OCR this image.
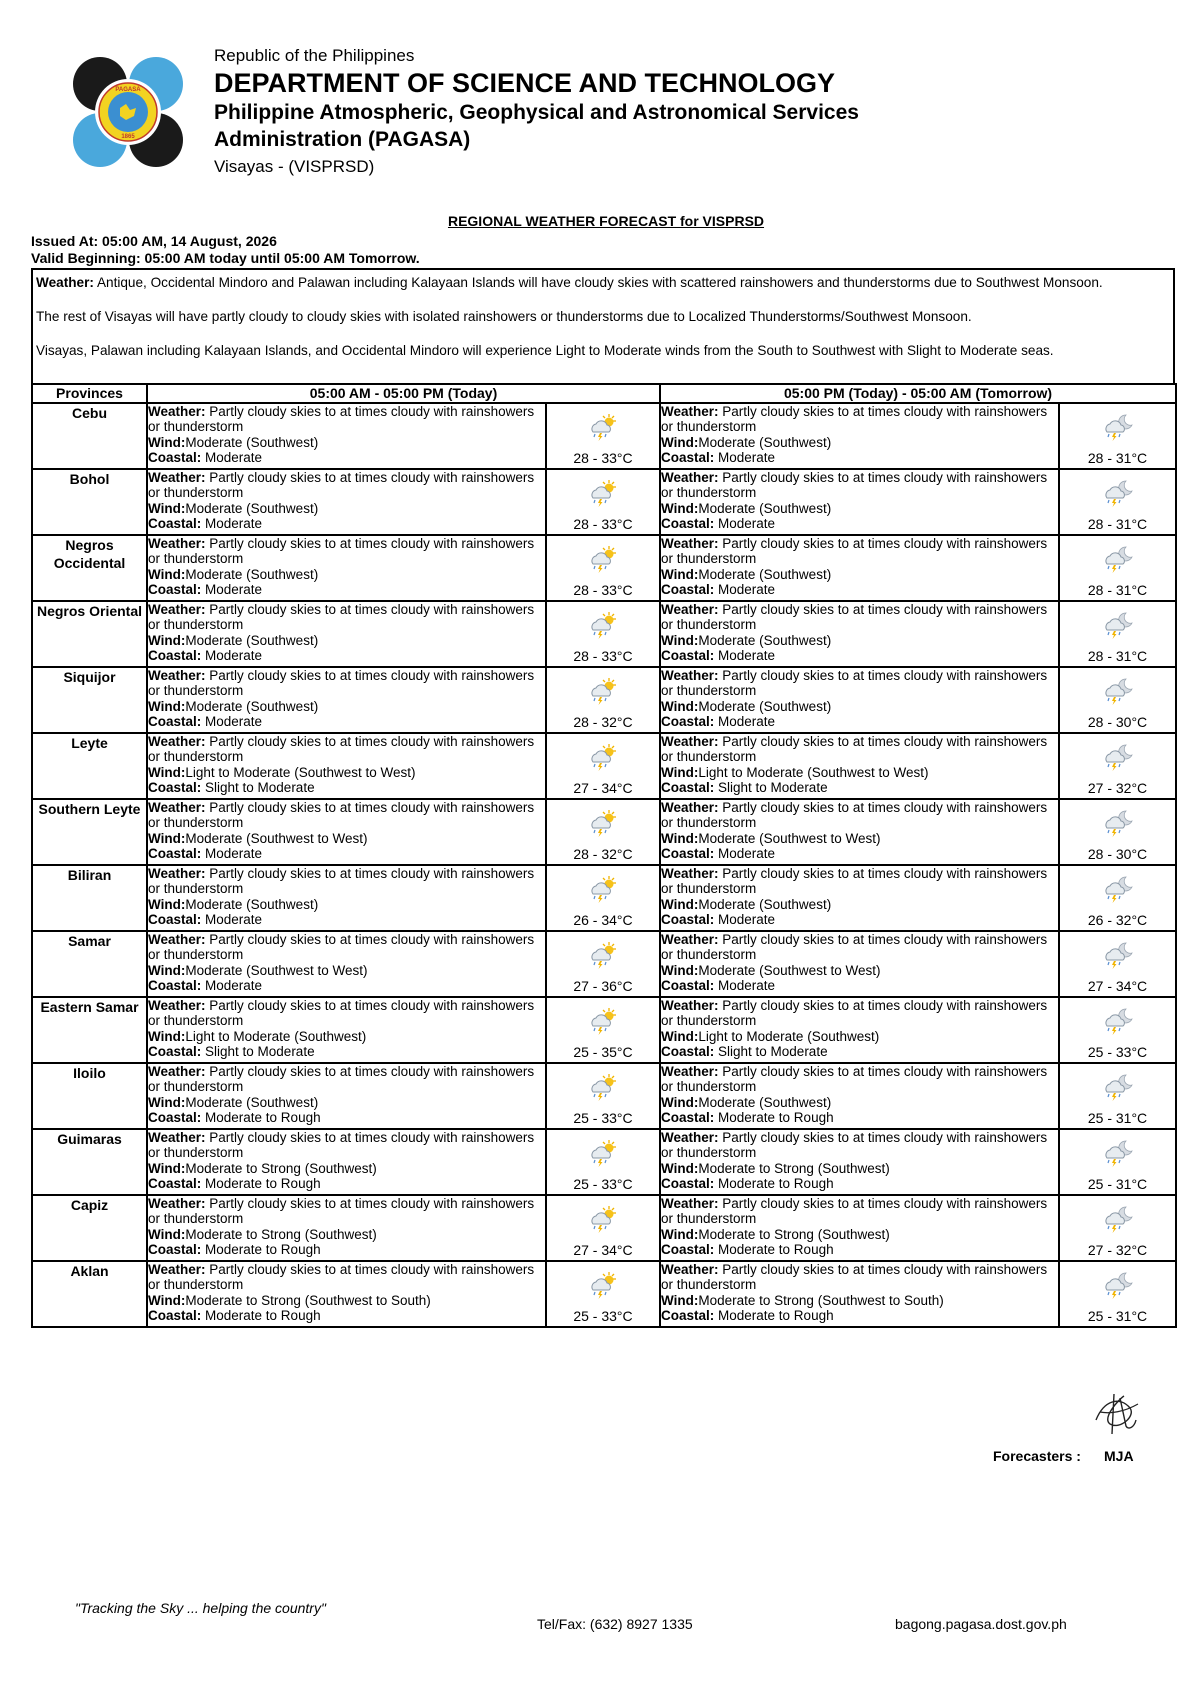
PAGASA
1865
Republic of the Philippines
DEPARTMENT OF SCIENCE AND TECHNOLOGY
Philippine Atmospheric, Geophysical and Astronomical Services
Administration (PAGASA)
Visayas - (VISPRSD)
REGIONAL WEATHER FORECAST for VISPRSD
Issued At: 05:00 AM, 14 August, 2026
Valid Beginning: 05:00 AM today until 05:00 AM Tomorrow.

Weather: Antique, Occidental Mindoro and Palawan including Kalayaan Islands will have cloudy skies with scattered rainshowers and thunderstorms due to Southwest Monsoon.

The rest of Visayas will have partly cloudy to cloudy skies with isolated rainshowers or thunderstorms due to Localized Thunderstorms/Southwest Monsoon.

Visayas, Palawan including Kalayaan Islands, and Occidental Mindoro will experience Light to Moderate winds from the South to Southwest with Slight to Moderate seas.

Provinces	05:00 AM - 05:00 PM (Today)		05:00 PM (Today) - 05:00 AM (Tomorrow)	
Cebu	Weather: Partly cloudy skies to at times cloudy with rainshowers or thunderstorm
Wind:Moderate (Southwest)
Coastal: Moderate	28 - 33°C	Weather: Partly cloudy skies to at times cloudy with rainshowers or thunderstorm
Wind:Moderate (Southwest)
Coastal: Moderate	28 - 31°C

Bohol	Weather: Partly cloudy skies to at times cloudy with rainshowers or thunderstorm
Wind:Moderate (Southwest)
Coastal: Moderate	28 - 33°C	Weather: Partly cloudy skies to at times cloudy with rainshowers or thunderstorm
Wind:Moderate (Southwest)
Coastal: Moderate	28 - 31°C

Negros Occidental	Weather: Partly cloudy skies to at times cloudy with rainshowers or thunderstorm
Wind:Moderate (Southwest)
Coastal: Moderate	28 - 33°C	Weather: Partly cloudy skies to at times cloudy with rainshowers or thunderstorm
Wind:Moderate (Southwest)
Coastal: Moderate	28 - 31°C

Negros Oriental	Weather: Partly cloudy skies to at times cloudy with rainshowers or thunderstorm
Wind:Moderate (Southwest)
Coastal: Moderate	28 - 33°C	Weather: Partly cloudy skies to at times cloudy with rainshowers or thunderstorm
Wind:Moderate (Southwest)
Coastal: Moderate	28 - 31°C

Siquijor	Weather: Partly cloudy skies to at times cloudy with rainshowers or thunderstorm
Wind:Moderate (Southwest)
Coastal: Moderate	28 - 32°C	Weather: Partly cloudy skies to at times cloudy with rainshowers or thunderstorm
Wind:Moderate (Southwest)
Coastal: Moderate	28 - 30°C

Leyte	Weather: Partly cloudy skies to at times cloudy with rainshowers or thunderstorm
Wind:Light to Moderate (Southwest to West)
Coastal: Slight to Moderate	27 - 34°C	Weather: Partly cloudy skies to at times cloudy with rainshowers or thunderstorm
Wind:Light to Moderate (Southwest to West)
Coastal: Slight to Moderate	27 - 32°C

Southern Leyte	Weather: Partly cloudy skies to at times cloudy with rainshowers or thunderstorm
Wind:Moderate (Southwest to West)
Coastal: Moderate	28 - 32°C	Weather: Partly cloudy skies to at times cloudy with rainshowers or thunderstorm
Wind:Moderate (Southwest to West)
Coastal: Moderate	28 - 30°C

Biliran	Weather: Partly cloudy skies to at times cloudy with rainshowers or thunderstorm
Wind:Moderate (Southwest)
Coastal: Moderate	26 - 34°C	Weather: Partly cloudy skies to at times cloudy with rainshowers or thunderstorm
Wind:Moderate (Southwest)
Coastal: Moderate	26 - 32°C

Samar	Weather: Partly cloudy skies to at times cloudy with rainshowers or thunderstorm
Wind:Moderate (Southwest to West)
Coastal: Moderate	27 - 36°C	Weather: Partly cloudy skies to at times cloudy with rainshowers or thunderstorm
Wind:Moderate (Southwest to West)
Coastal: Moderate	27 - 34°C

Eastern Samar	Weather: Partly cloudy skies to at times cloudy with rainshowers or thunderstorm
Wind:Light to Moderate (Southwest)
Coastal: Slight to Moderate	25 - 35°C	Weather: Partly cloudy skies to at times cloudy with rainshowers or thunderstorm
Wind:Light to Moderate (Southwest)
Coastal: Slight to Moderate	25 - 33°C

Iloilo	Weather: Partly cloudy skies to at times cloudy with rainshowers or thunderstorm
Wind:Moderate (Southwest)
Coastal: Moderate to Rough	25 - 33°C	Weather: Partly cloudy skies to at times cloudy with rainshowers or thunderstorm
Wind:Moderate (Southwest)
Coastal: Moderate to Rough	25 - 31°C

Guimaras	Weather: Partly cloudy skies to at times cloudy with rainshowers or thunderstorm
Wind:Moderate to Strong (Southwest)
Coastal: Moderate to Rough	25 - 33°C	Weather: Partly cloudy skies to at times cloudy with rainshowers or thunderstorm
Wind:Moderate to Strong (Southwest)
Coastal: Moderate to Rough	25 - 31°C

Capiz	Weather: Partly cloudy skies to at times cloudy with rainshowers or thunderstorm
Wind:Moderate to Strong (Southwest)
Coastal: Moderate to Rough	27 - 34°C	Weather: Partly cloudy skies to at times cloudy with rainshowers or thunderstorm
Wind:Moderate to Strong (Southwest)
Coastal: Moderate to Rough	27 - 32°C

Aklan	Weather: Partly cloudy skies to at times cloudy with rainshowers or thunderstorm
Wind:Moderate to Strong (Southwest to South)
Coastal: Moderate to Rough	25 - 33°C	Weather: Partly cloudy skies to at times cloudy with rainshowers or thunderstorm
Wind:Moderate to Strong (Southwest to South)
Coastal: Moderate to Rough	25 - 31°C
Forecasters : MJA
"Tracking the Sky ... helping the country"
Tel/Fax: (632) 8927 1335	bagong.pagasa.dost.gov.ph
